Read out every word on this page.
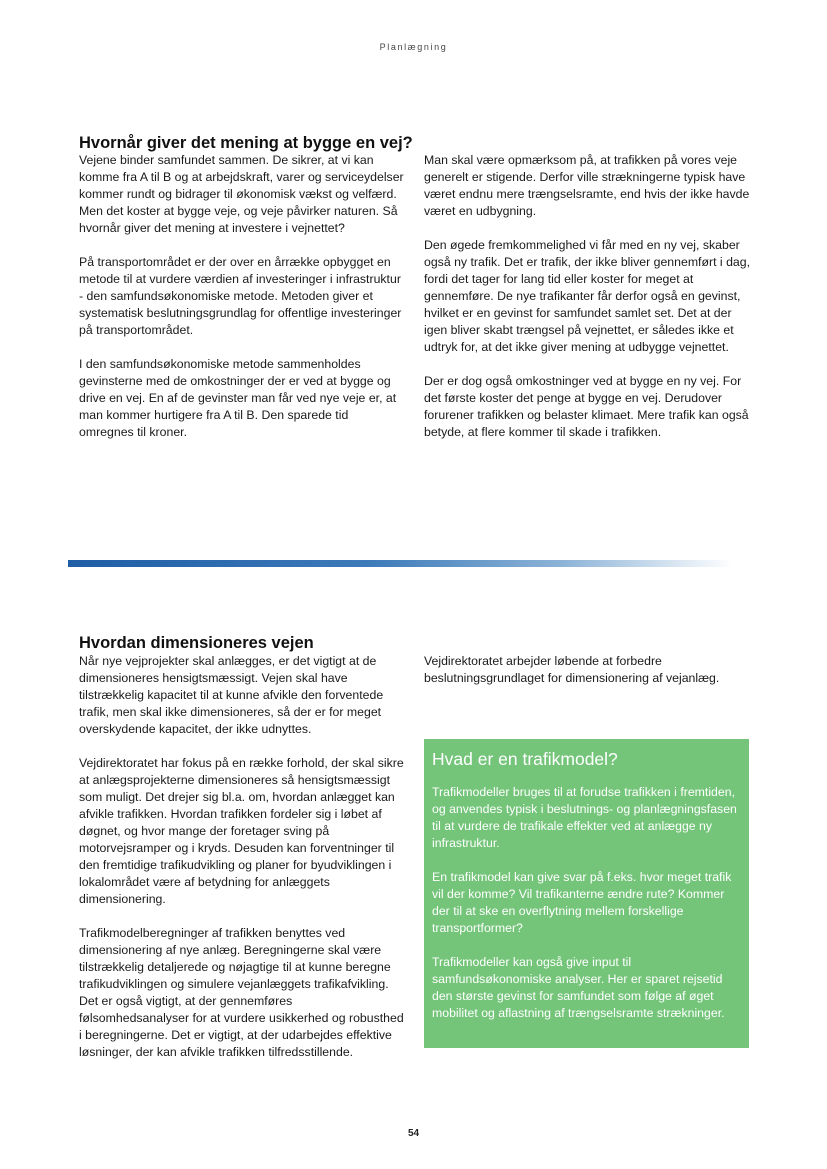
Planlægning
Hvornår giver det mening at bygge en vej?

Vejene binder samfundet sammen. De sikrer, at vi kan komme fra A til B og at arbejdskraft, varer og serviceydelser kommer rundt og bidrager til økonomisk vækst og velfærd. Men det koster at bygge veje, og veje påvirker naturen. Så hvornår giver det mening at investere i vejnettet?

På transportområdet er der over en årrække opbygget en metode til at vurdere værdien af investeringer i infrastruktur - den samfundsøkonomiske metode. Metoden giver et systematisk beslutningsgrundlag for offentlige investeringer på transportområdet.

I den samfundsøkonomiske metode sammenholdes gevinsterne med de omkostninger der er ved at bygge og drive en vej. En af de gevinster man får ved nye veje er, at man kommer hurtigere fra A til B. Den sparede tid omregnes til kroner.

Man skal være opmærksom på, at trafikken på vores veje generelt er stigende. Derfor ville strækningerne typisk have været endnu mere trængselsramte, end hvis der ikke havde været en udbygning.

Den øgede fremkommelighed vi får med en ny vej, skaber også ny trafik. Det er trafik, der ikke bliver gennemført i dag, fordi det tager for lang tid eller koster for meget at gennemføre. De nye trafikanter får derfor også en gevinst, hvilket er en gevinst for samfundet samlet set. Det at der igen bliver skabt trængsel på vejnettet, er således ikke et udtryk for, at det ikke giver mening at udbygge vejnettet.

Der er dog også omkostninger ved at bygge en ny vej. For det første koster det penge at bygge en vej. Derudover forurener trafikken og belaster klimaet. Mere trafik kan også betyde, at flere kommer til skade i trafikken.

Hvordan dimensioneres vejen

Når nye vejprojekter skal anlægges, er det vigtigt at de dimensioneres hensigtsmæssigt. Vejen skal have tilstrækkelig kapacitet til at kunne afvikle den forventede trafik, men skal ikke dimensioneres, så der er for meget overskydende kapacitet, der ikke udnyttes.

Vejdirektoratet har fokus på en række forhold, der skal sikre at anlægsprojekterne dimensioneres så hensigtsmæssigt som muligt. Det drejer sig bl.a. om, hvordan anlægget kan afvikle trafikken. Hvordan trafikken fordeler sig i løbet af døgnet, og hvor mange der foretager sving på motorvejsramper og i kryds. Desuden kan forventninger til den fremtidige trafikudvikling og planer for byudviklingen i lokalområdet være af betydning for anlæggets dimensionering.

Trafikmodelberegninger af trafikken benyttes ved dimensionering af nye anlæg. Beregningerne skal være tilstrækkelig detaljerede og nøjagtige til at kunne beregne trafikudviklingen og simulere vejanlæggets trafikafvikling. Det er også vigtigt, at der gennemføres følsomhedsanalyser for at vurdere usikkerhed og robusthed i beregningerne. Det er vigtigt, at der udarbejdes effektive løsninger, der kan afvikle trafikken tilfredsstillende.

Vejdirektoratet arbejder løbende at forbedre beslutningsgrundlaget for dimensionering af vejanlæg.

Hvad er en trafikmodel?

Trafikmodeller bruges til at forudse trafikken i fremtiden, og anvendes typisk i beslutnings- og planlægningsfasen til at vurdere de trafikale effekter ved at anlægge ny infrastruktur.

En trafikmodel kan give svar på f.eks. hvor meget trafik vil der komme? Vil trafikanterne ændre rute? Kommer der til at ske en overflytning mellem forskellige transportformer?

Trafikmodeller kan også give input til samfundsøkonomiske analyser. Her er sparet rejsetid den største gevinst for samfundet som følge af øget mobilitet og aflastning af trængselsramte strækninger.

54
